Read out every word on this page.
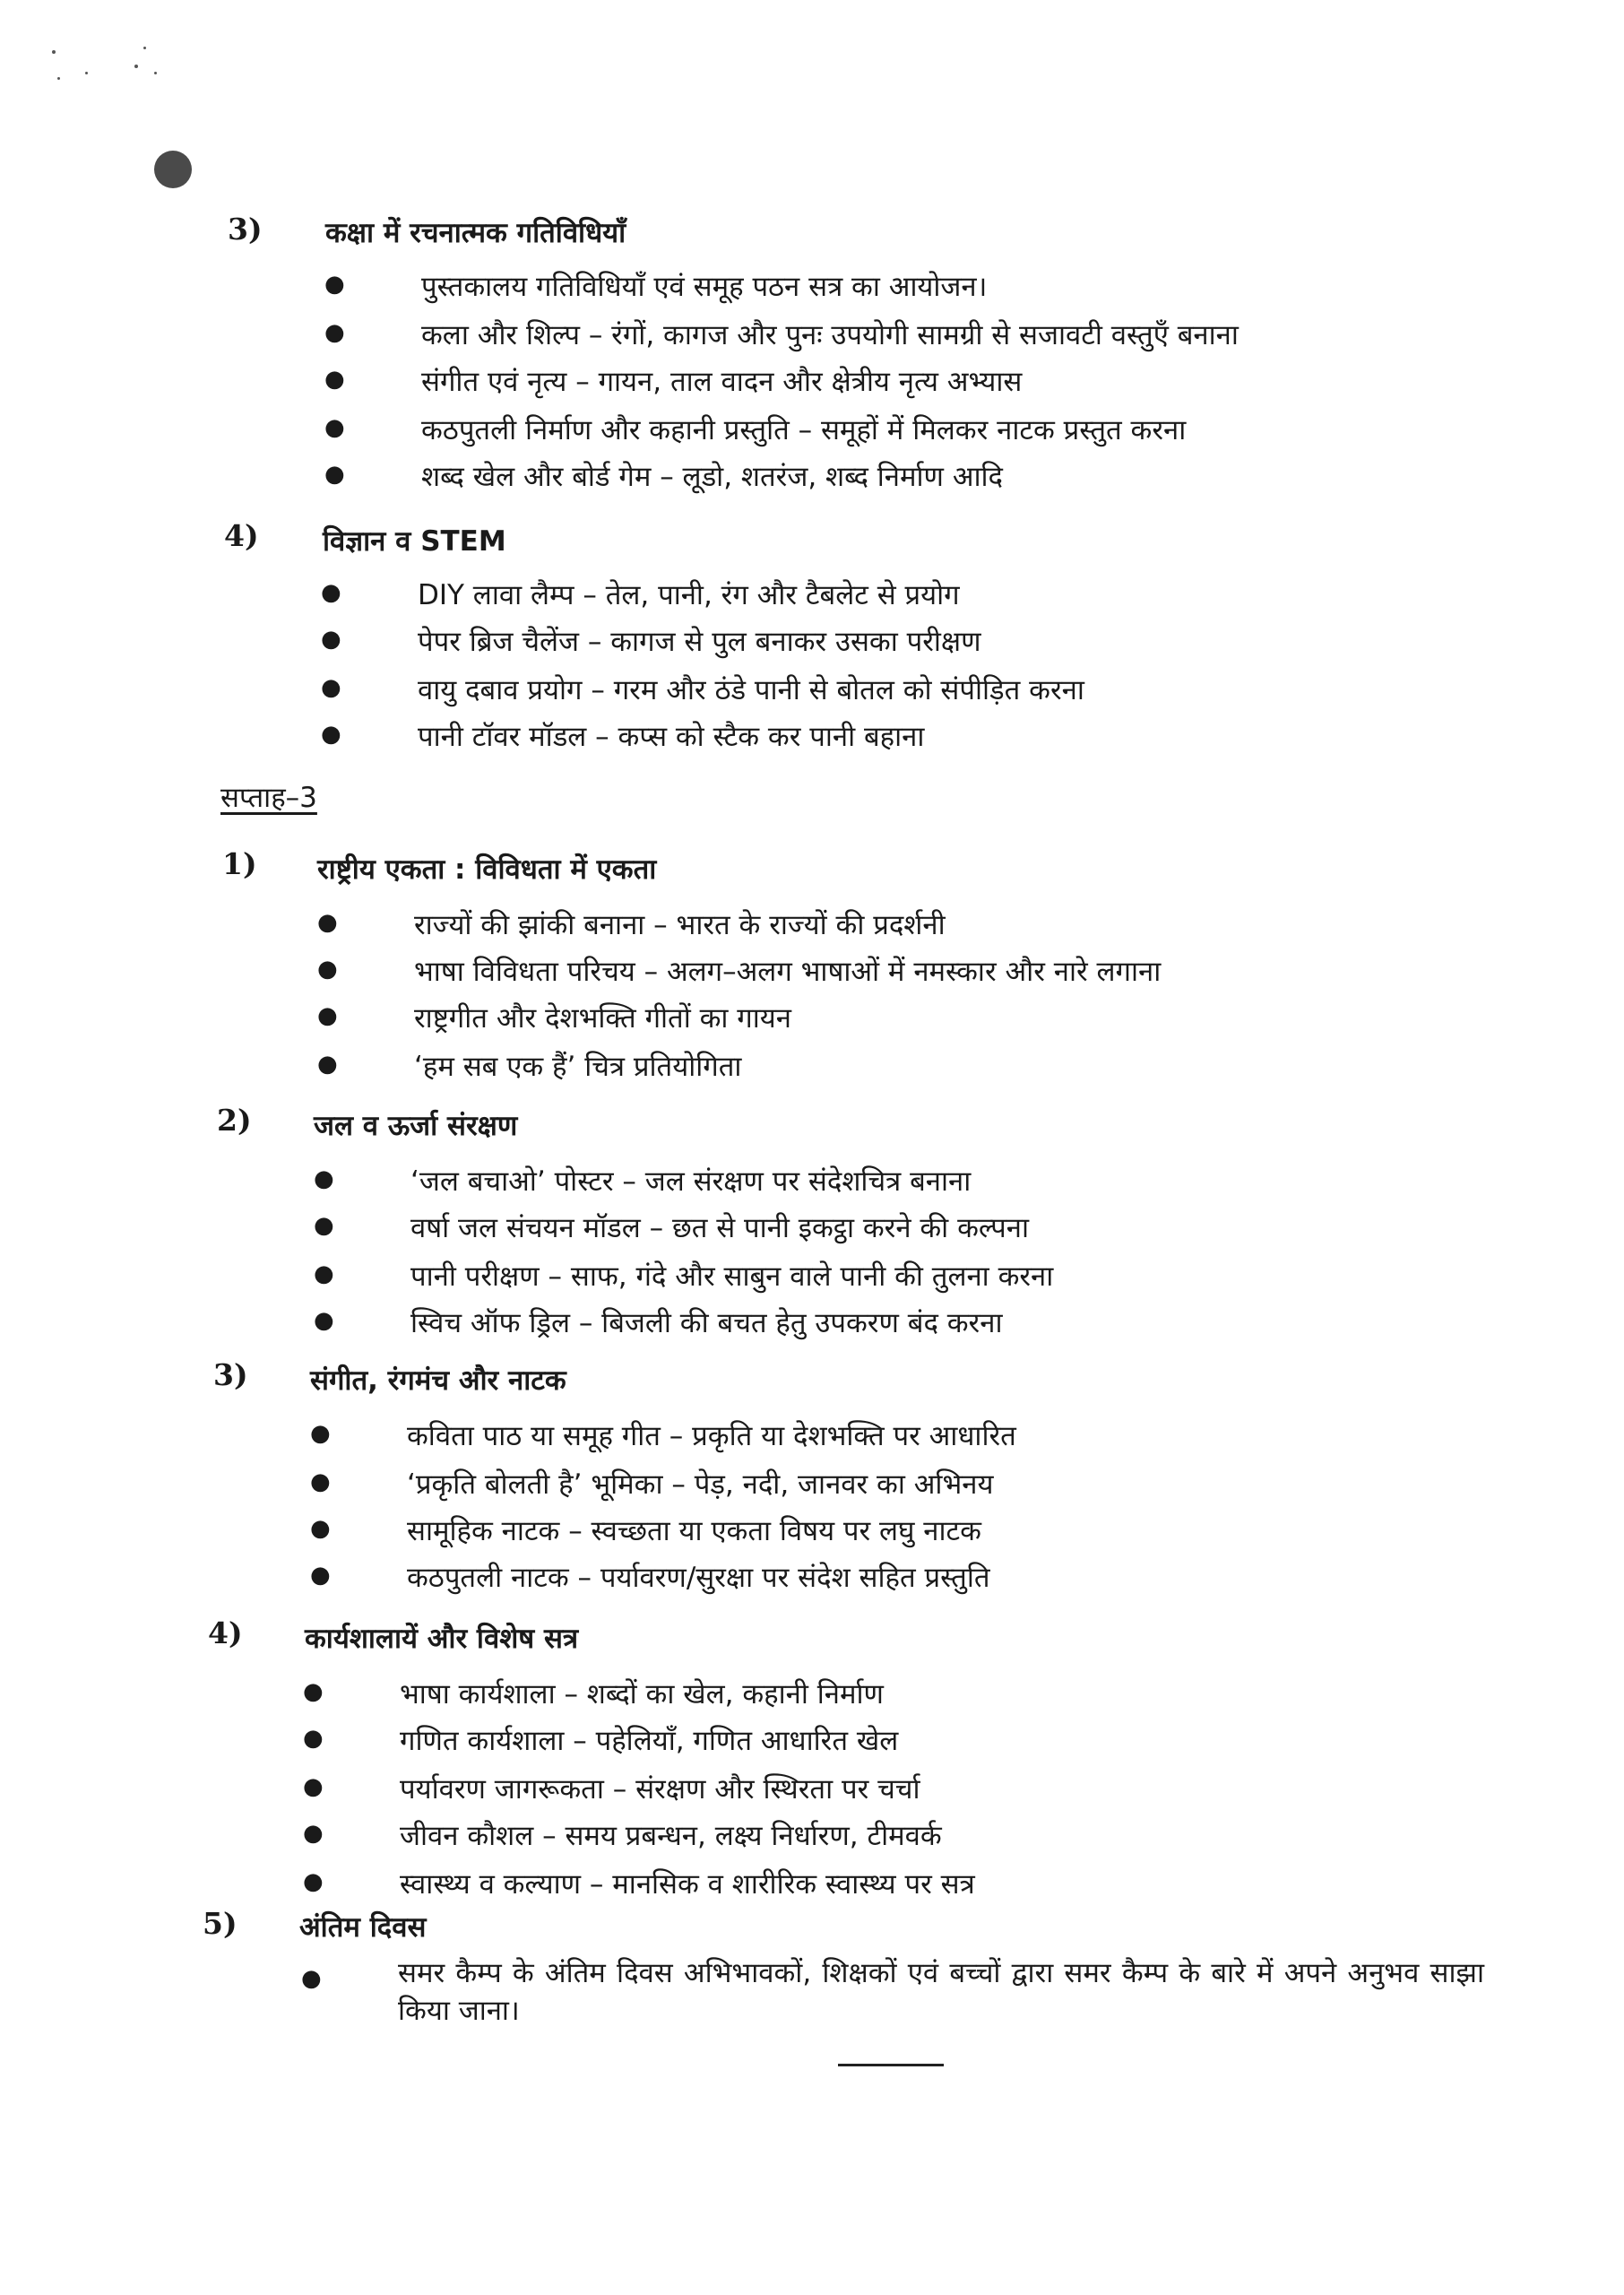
3) कक्षा में रचनात्मक गतिविधियाँ
●	पुस्तकालय गतिविधियाँ एवं समूह पठन सत्र का आयोजन।
●	कला और शिल्प – रंगों, कागज और पुनः उपयोगी सामग्री से सजावटी वस्तुएँ बनाना
●	संगीत एवं नृत्य – गायन, ताल वादन और क्षेत्रीय नृत्य अभ्यास
●	कठपुतली निर्माण और कहानी प्रस्तुति – समूहों में मिलकर नाटक प्रस्तुत करना
●	शब्द खेल और बोर्ड गेम – लूडो, शतरंज, शब्द निर्माण आदि
4) विज्ञान व STEM
●	DIY लावा लैम्प – तेल, पानी, रंग और टैबलेट से प्रयोग
●	पेपर ब्रिज चैलेंज – कागज से पुल बनाकर उसका परीक्षण
●	वायु दबाव प्रयोग – गरम और ठंडे पानी से बोतल को संपीड़ित करना
●	पानी टॉवर मॉडल – कप्स को स्टैक कर पानी बहाना
सप्ताह–3
1) राष्ट्रीय एकता : विविधता में एकता
●	राज्यों की झांकी बनाना – भारत के राज्यों की प्रदर्शनी
●	भाषा विविधता परिचय – अलग–अलग भाषाओं में नमस्कार और नारे लगाना
●	राष्ट्रगीत और देशभक्ति गीतों का गायन
●	‘हम सब एक हैं’ चित्र प्रतियोगिता
2) जल व ऊर्जा संरक्षण
●	‘जल बचाओ’ पोस्टर – जल संरक्षण पर संदेशचित्र बनाना
●	वर्षा जल संचयन मॉडल – छत से पानी इकट्ठा करने की कल्पना
●	पानी परीक्षण – साफ, गंदे और साबुन वाले पानी की तुलना करना
●	स्विच ऑफ ड्रिल – बिजली की बचत हेतु उपकरण बंद करना
3) संगीत, रंगमंच और नाटक
●	कविता पाठ या समूह गीत – प्रकृति या देशभक्ति पर आधारित
●	‘प्रकृति बोलती है’ भूमिका – पेड़, नदी, जानवर का अभिनय
●	सामूहिक नाटक – स्वच्छता या एकता विषय पर लघु नाटक
●	कठपुतली नाटक – पर्यावरण/सुरक्षा पर संदेश सहित प्रस्तुति
4) कार्यशालायें और विशेष सत्र
●	भाषा कार्यशाला – शब्दों का खेल, कहानी निर्माण
●	गणित कार्यशाला – पहेलियाँ, गणित आधारित खेल
●	पर्यावरण जागरूकता – संरक्षण और स्थिरता पर चर्चा
●	जीवन कौशल – समय प्रबन्धन, लक्ष्य निर्धारण, टीमवर्क
●	स्वास्थ्य व कल्याण – मानसिक व शारीरिक स्वास्थ्य पर सत्र
5) अंतिम दिवस
●	समर कैम्प के अंतिम दिवस अभिभावकों, शिक्षकों एवं बच्चों द्वारा समर कैम्प के बारे में अपने अनुभव साझा किया जाना।
